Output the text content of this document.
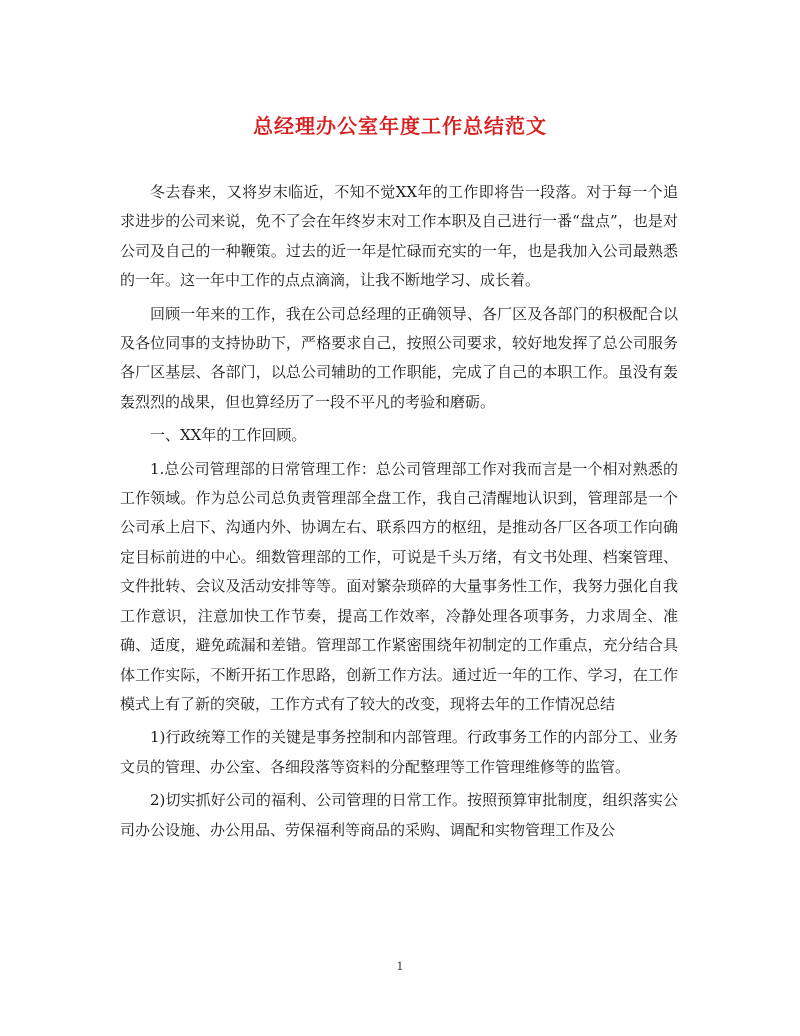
总经理办公室年度工作总结范文

冬去春来，又将岁末临近，不知不觉XX年的工作即将告一段落。对于每一个追求进步的公司来说，免不了会在年终岁末对工作本职及自己进行一番“盘点”，也是对公司及自己的一种鞭策。过去的近一年是忙碌而充实的一年，也是我加入公司最熟悉的一年。这一年中工作的点点滴滴，让我不断地学习、成长着。

回顾一年来的工作，我在公司总经理的正确领导、各厂区及各部门的积极配合以及各位同事的支持协助下，严格要求自己，按照公司要求，较好地发挥了总公司服务各厂区基层、各部门，以总公司辅助的工作职能，完成了自己的本职工作。虽没有轰轰烈烈的战果，但也算经历了一段不平凡的考验和磨砺。

一、XX年的工作回顾。

1.总公司管理部的日常管理工作：总公司管理部工作对我而言是一个相对熟悉的工作领域。作为总公司总负责管理部全盘工作，我自己清醒地认识到，管理部是一个公司承上启下、沟通内外、协调左右、联系四方的枢纽，是推动各厂区各项工作向确定目标前进的中心。细数管理部的工作，可说是千头万绪，有文书处理、档案管理、文件批转、会议及活动安排等等。面对繁杂琐碎的大量事务性工作，我努力强化自我工作意识，注意加快工作节奏，提高工作效率，冷静处理各项事务，力求周全、准确、适度，避免疏漏和差错。管理部工作紧密围绕年初制定的工作重点，充分结合具体工作实际，不断开拓工作思路，创新工作方法。通过近一年的工作、学习，在工作模式上有了新的突破，工作方式有了较大的改变，现将去年的工作情况总结

1)行政统筹工作的关键是事务控制和内部管理。行政事务工作的内部分工、业务文员的管理、办公室、各细段落等资料的分配整理等工作管理维修等的监管。

2)切实抓好公司的福利、公司管理的日常工作。按照预算审批制度，组织落实公司办公设施、办公用品、劳保福利等商品的采购、调配和实物管理工作及公

1
